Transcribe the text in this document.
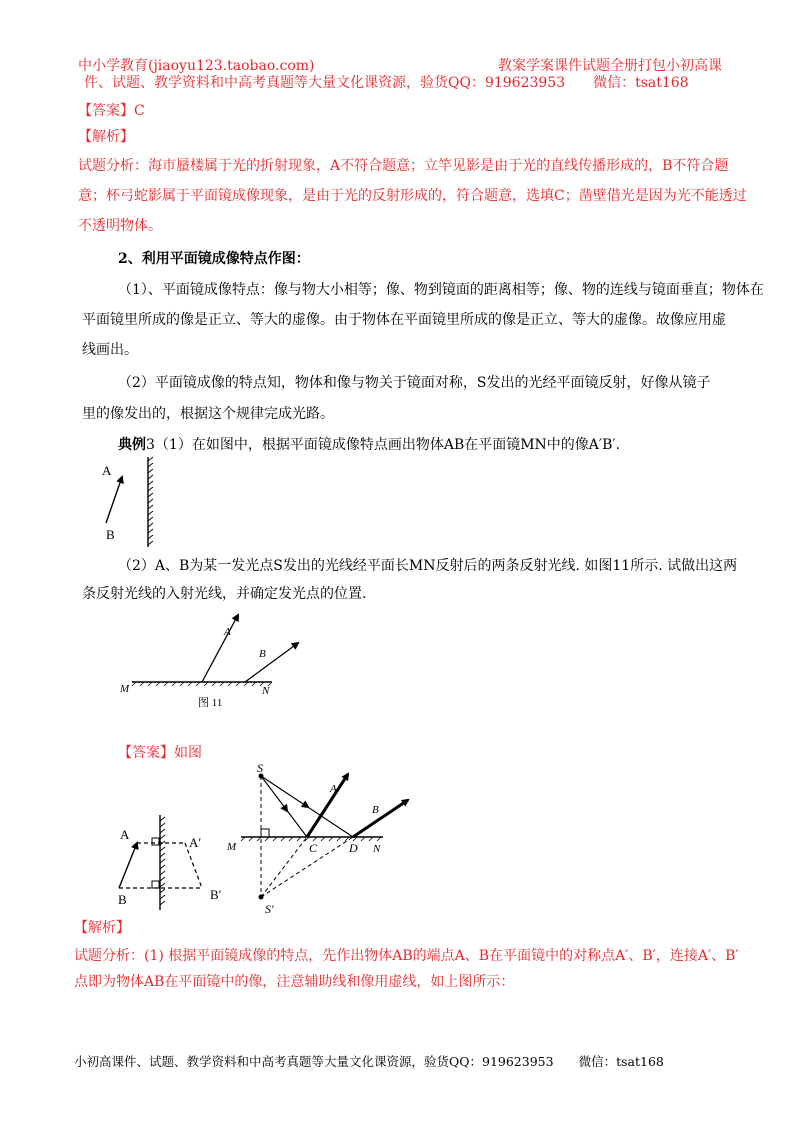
中小学教育(jiaoyu123.taobao.com)	教案学案课件试题全册打包小初高课
件、试题、教学资料和中高考真题等大量文化课资源，验货QQ：919623953　　微信：tsat168
【答案】C
【解析】
试题分析：海市蜃楼属于光的折射现象，A不符合题意；立竿见影是由于光的直线传播形成的，B不符合题
意；杯弓蛇影属于平面镜成像现象，是由于光的反射形成的，符合题意，选填C；凿壁借光是因为光不能透过
不透明物体。
2、利用平面镜成像特点作图：
（1）、平面镜成像特点：像与物大小相等；像、物到镜面的距离相等；像、物的连线与镜面垂直；物体在
平面镜里所成的像是正立、等大的虚像。由于物体在平面镜里所成的像是正立、等大的虚像。故像应用虚
线画出。
（2）平面镜成像的特点知，物体和像与物关于镜面对称，S发出的光经平面镜反射，好像从镜子
里的像发出的，根据这个规律完成光路。
典例3（1）在如图中，根据平面镜成像特点画出物体AB在平面镜MN中的像A′B′.
A
B
（2）A、B为某一发光点S发出的光线经平面长MN反射后的两条反射光线. 如图11所示. 试做出这两
条反射光线的入射光线，并确定发光点的位置.
A
B
M	N
图 11
【答案】如图
A
B
A′
B′
S
S′
A
B
M	N
C	D
【解析】
试题分析：(1) 根据平面镜成像的特点，先作出物体AB的端点A、B在平面镜中的对称点A′、B′，连接A′、B′
点即为物体AB在平面镜中的像，注意辅助线和像用虚线，如上图所示：
小初高课件、试题、教学资料和中高考真题等大量文化课资源，验货QQ：919623953　　微信：tsat168
